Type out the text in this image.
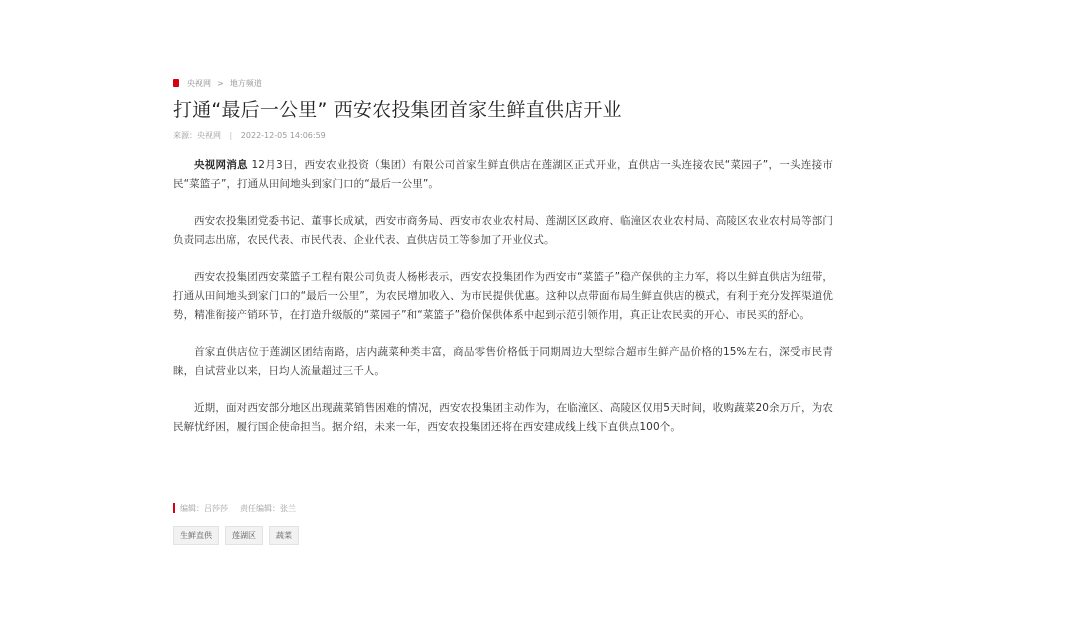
央视网 > 地方频道
打通“最后一公里” 西安农投集团首家生鲜直供店开业
来源：央视网 | 2022-12-05 14:06:59

央视网消息 12月3日，西安农业投资（集团）有限公司首家生鲜直供店在莲湖区正式开业，直供店一头连接农民“菜园子”，一头连接市民“菜篮子”，打通从田间地头到家门口的“最后一公里”。

西安农投集团党委书记、董事长成斌，西安市商务局、西安市农业农村局、莲湖区区政府、临潼区农业农村局、高陵区农业农村局等部门负责同志出席，农民代表、市民代表、企业代表、直供店员工等参加了开业仪式。

西安农投集团西安菜篮子工程有限公司负责人杨彬表示，西安农投集团作为西安市“菜篮子”稳产保供的主力军，将以生鲜直供店为纽带，打通从田间地头到家门口的“最后一公里”，为农民增加收入、为市民提供优惠。这种以点带面布局生鲜直供店的模式，有利于充分发挥渠道优势，精准衔接产销环节，在打造升级版的“菜园子”和“菜篮子”稳价保供体系中起到示范引领作用，真正让农民卖的开心、市民买的舒心。

首家直供店位于莲湖区团结南路，店内蔬菜种类丰富，商品零售价格低于同期周边大型综合超市生鲜产品价格的15%左右，深受市民青睐，自试营业以来，日均人流量超过三千人。

近期，面对西安部分地区出现蔬菜销售困难的情况，西安农投集团主动作为，在临潼区、高陵区仅用5天时间，收购蔬菜20余万斤，为农民解忧纾困，履行国企使命担当。据介绍，未来一年，西安农投集团还将在西安建成线上线下直供点100个。

编辑：吕莎莎 责任编辑：张兰
生鲜直供	莲湖区	蔬菜
